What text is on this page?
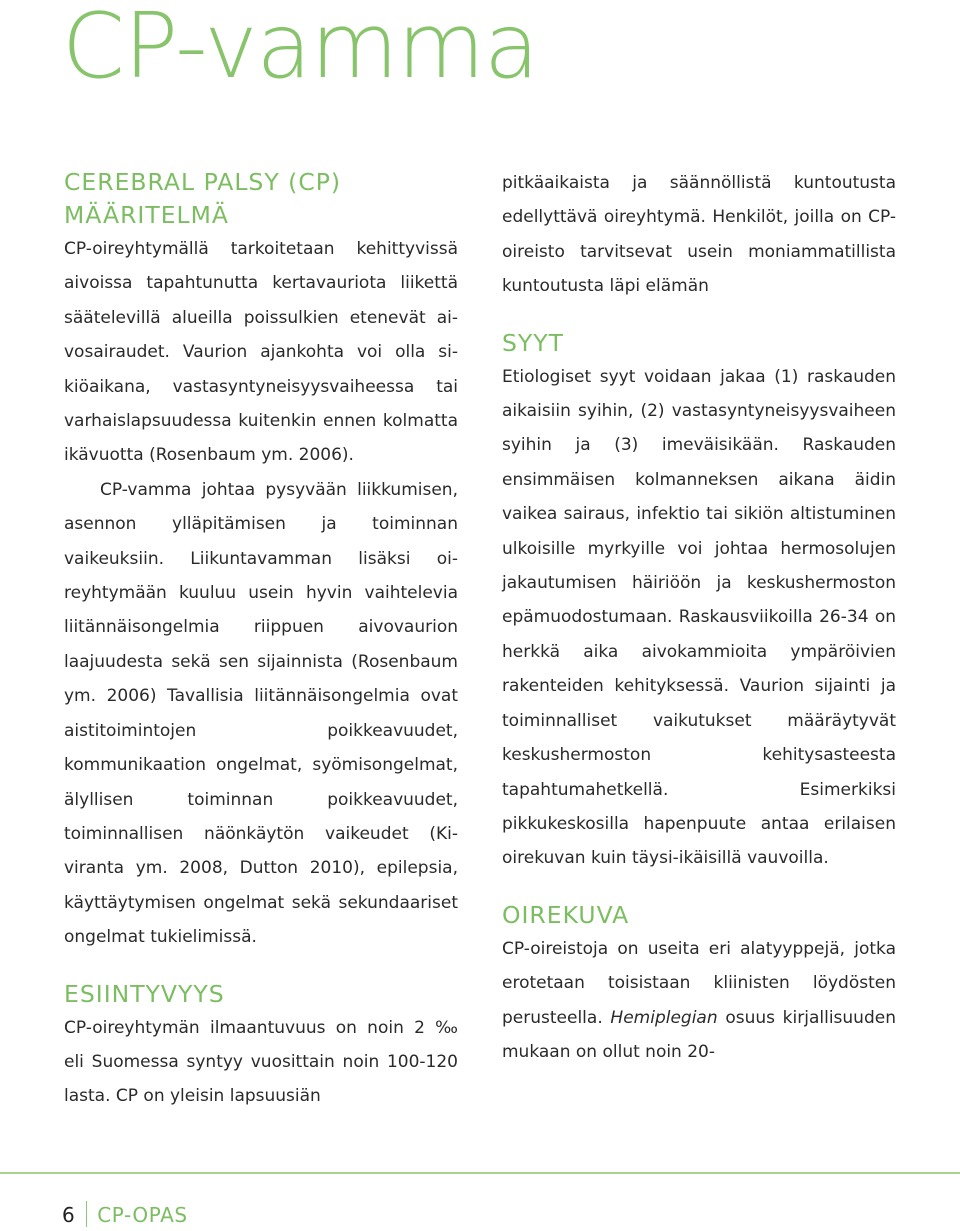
CP-vamma
CEREBRAL PALSY (CP)
MÄÄRITELMÄ

CP-oireyhtymällä tarkoitetaan kehittyvissä aivoissa tapahtunutta kertavauriota liikettä säätelevillä alueilla poissulkien etenevät aivosairaudet. Vaurion ajankohta voi olla sikiöaikana, vastasyntyneisyysvaiheessa tai varhaislapsuudessa kuitenkin ennen kolmatta ikävuotta (Rosenbaum ym. 2006).

CP-vamma johtaa pysyvään liikkumisen, asennon ylläpitämisen ja toiminnan vaikeuksiin. Liikuntavamman lisäksi oireyhtymään kuuluu usein hyvin vaihtelevia liitännäisongelmia riippuen aivovaurion laajuudesta sekä sen sijainnista (Rosenbaum ym. 2006) Tavallisia liitännäisongelmia ovat aistitoimintojen poikkeavuudet, kommunikaation ongelmat, syömisongelmat, älyllisen toiminnan poikkeavuudet, toiminnallisen näönkäytön vaikeudet (Kiviranta ym. 2008, Dutton 2010), epilepsia, käyttäytymisen ongelmat sekä sekundaariset ongelmat tukielimissä.

ESIINTYVYYS

CP-oireyhtymän ilmaantuvuus on noin 2 ‰ eli Suomessa syntyy vuosittain noin 100-120 lasta. CP on yleisin lapsuusiän

pitkäaikaista ja säännöllistä kuntoutusta edellyttävä oireyhtymä. Henkilöt, joilla on CP-oireisto tarvitsevat usein moniammatillista kuntoutusta läpi elämän

SYYT

Etiologiset syyt voidaan jakaa (1) raskauden aikaisiin syihin, (2) vastasyntyneisyysvaiheen syihin ja (3) imeväisikään. Raskauden ensimmäisen kolmanneksen aikana äidin vaikea sairaus, infektio tai sikiön altistuminen ulkoisille myrkyille voi johtaa hermosolujen jakautumisen häiriöön ja keskushermoston epämuodostumaan. Raskausviikoilla 26-34 on herkkä aika aivokammioita ympäröivien rakenteiden kehityksessä. Vaurion sijainti ja toiminnalliset vaikutukset määräytyvät keskushermoston kehitysasteesta tapahtumahetkellä. Esimerkiksi pikkukeskosilla hapenpuute antaa erilaisen oirekuvan kuin täysi-ikäisillä vauvoilla.

OIREKUVA

CP-oireistoja on useita eri alatyyppejä, jotka erotetaan toisistaan kliinisten löydösten perusteella. Hemiplegian osuus kirjallisuuden mukaan on ollut noin 20-

6 CP-OPAS
